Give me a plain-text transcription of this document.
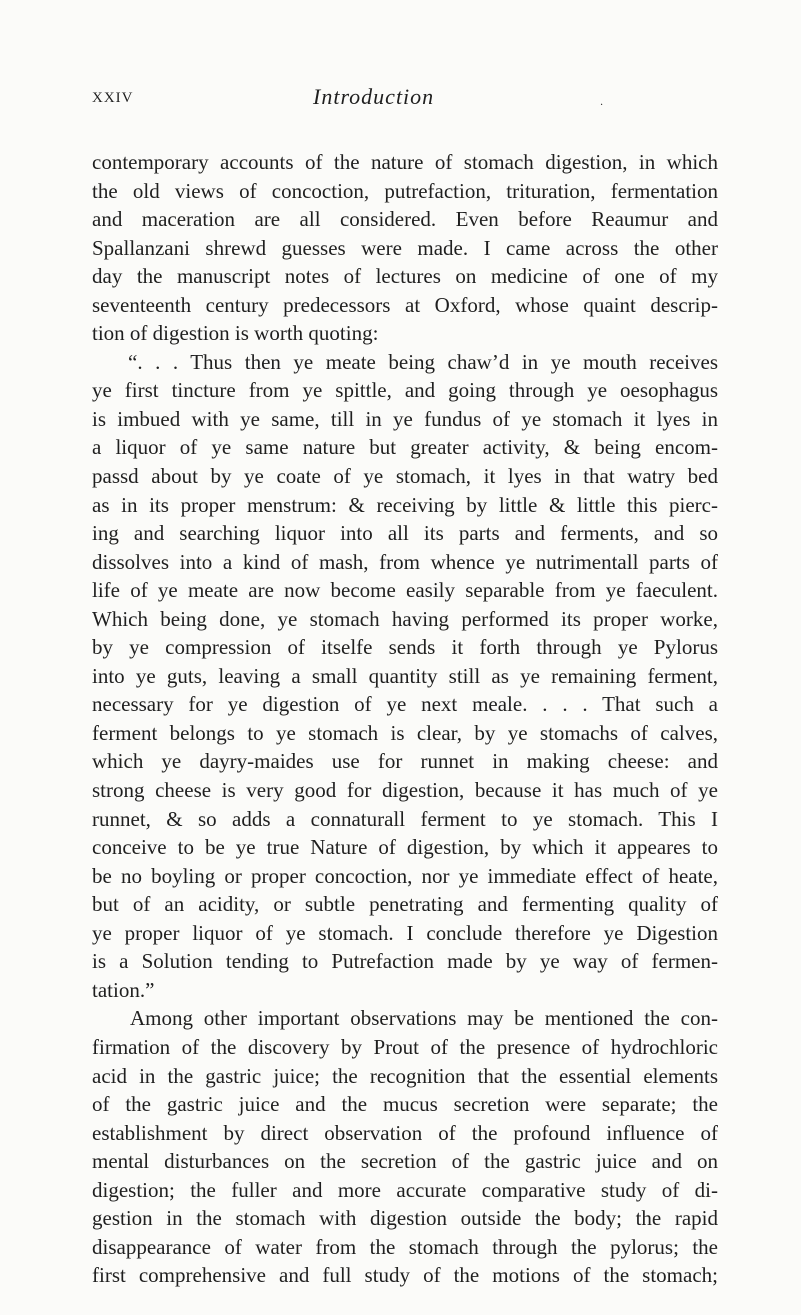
XXIV	Introduction	.
contemporary accounts of the nature of stomach digestion, in which
the old views of concoction, putrefaction, trituration, fermentation
and maceration are all considered. Even before Reaumur and
Spallanzani shrewd guesses were made. I came across the other
day the manuscript notes of lectures on medicine of one of my
seventeenth century predecessors at Oxford, whose quaint descrip-
tion of digestion is worth quoting:
“. . . Thus then ye meate being chaw’d in ye mouth receives
ye first tincture from ye spittle, and going through ye oesophagus
is imbued with ye same, till in ye fundus of ye stomach it lyes in
a liquor of ye same nature but greater activity, & being encom-
passd about by ye coate of ye stomach, it lyes in that watry bed
as in its proper menstrum: & receiving by little & little this pierc-
ing and searching liquor into all its parts and ferments, and so
dissolves into a kind of mash, from whence ye nutrimentall parts of
life of ye meate are now become easily separable from ye faeculent.
Which being done, ye stomach having performed its proper worke,
by ye compression of itselfe sends it forth through ye Pylorus
into ye guts, leaving a small quantity still as ye remaining ferment,
necessary for ye digestion of ye next meale. . . . That such a
ferment belongs to ye stomach is clear, by ye stomachs of calves,
which ye dayry-maides use for runnet in making cheese: and
strong cheese is very good for digestion, because it has much of ye
runnet, & so adds a connaturall ferment to ye stomach. This I
conceive to be ye true Nature of digestion, by which it appeares to
be no boyling or proper concoction, nor ye immediate effect of heate,
but of an acidity, or subtle penetrating and fermenting quality of
ye proper liquor of ye stomach. I conclude therefore ye Digestion
is a Solution tending to Putrefaction made by ye way of fermen-
tation.”
Among other important observations may be mentioned the con-
firmation of the discovery by Prout of the presence of hydrochloric
acid in the gastric juice; the recognition that the essential elements
of the gastric juice and the mucus secretion were separate; the
establishment by direct observation of the profound influence of
mental disturbances on the secretion of the gastric juice and on
digestion; the fuller and more accurate comparative study of di-
gestion in the stomach with digestion outside the body; the rapid
disappearance of water from the stomach through the pylorus; the
first comprehensive and full study of the motions of the stomach;
